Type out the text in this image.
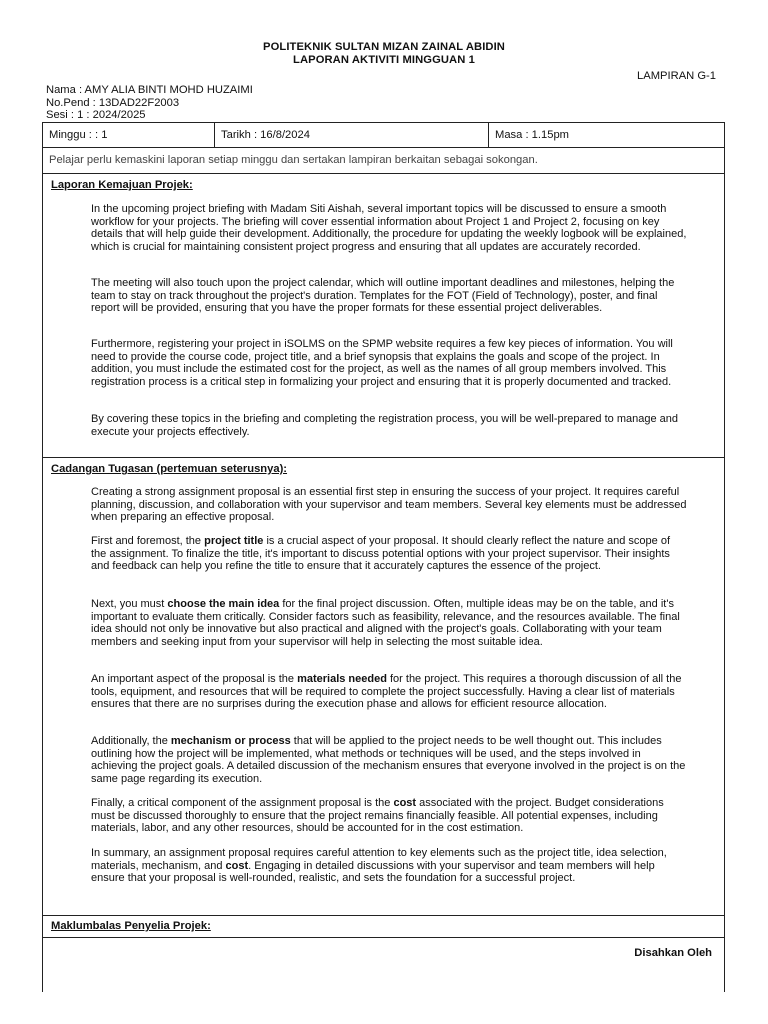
POLITEKNIK SULTAN MIZAN ZAINAL ABIDIN
LAPORAN AKTIVITI MINGGUAN 1
LAMPIRAN G-1
Nama : AMY ALIA BINTI MOHD HUZAIMI
No.Pend : 13DAD22F2003
Sesi : 1 : 2024/2025
Minggu : : 1	Tarikh : 16/8/2024	Masa : 1.15pm
Pelajar perlu kemaskini laporan setiap minggu dan sertakan lampiran berkaitan sebagai sokongan.
Laporan Kemajuan Projek:

In the upcoming project briefing with Madam Siti Aishah, several important topics will be discussed to ensure a smooth workflow for your projects. The briefing will cover essential information about Project 1 and Project 2, focusing on key details that will help guide their development. Additionally, the procedure for updating the weekly logbook will be explained, which is crucial for maintaining consistent project progress and ensuring that all updates are accurately recorded.

The meeting will also touch upon the project calendar, which will outline important deadlines and milestones, helping the team to stay on track throughout the project's duration. Templates for the FOT (Field of Technology), poster, and final report will be provided, ensuring that you have the proper formats for these essential project deliverables.

Furthermore, registering your project in iSOLMS on the SPMP website requires a few key pieces of information. You will need to provide the course code, project title, and a brief synopsis that explains the goals and scope of the project. In addition, you must include the estimated cost for the project, as well as the names of all group members involved. This registration process is a critical step in formalizing your project and ensuring that it is properly documented and tracked.

By covering these topics in the briefing and completing the registration process, you will be well-prepared to manage and execute your projects effectively.

Cadangan Tugasan (pertemuan seterusnya):

Creating a strong assignment proposal is an essential first step in ensuring the success of your project. It requires careful planning, discussion, and collaboration with your supervisor and team members. Several key elements must be addressed when preparing an effective proposal.

First and foremost, the project title is a crucial aspect of your proposal. It should clearly reflect the nature and scope of the assignment. To finalize the title, it's important to discuss potential options with your project supervisor. Their insights and feedback can help you refine the title to ensure that it accurately captures the essence of the project.

Next, you must choose the main idea for the final project discussion. Often, multiple ideas may be on the table, and it's important to evaluate them critically. Consider factors such as feasibility, relevance, and the resources available. The final idea should not only be innovative but also practical and aligned with the project's goals. Collaborating with your team members and seeking input from your supervisor will help in selecting the most suitable idea.

An important aspect of the proposal is the materials needed for the project. This requires a thorough discussion of all the tools, equipment, and resources that will be required to complete the project successfully. Having a clear list of materials ensures that there are no surprises during the execution phase and allows for efficient resource allocation.

Additionally, the mechanism or process that will be applied to the project needs to be well thought out. This includes outlining how the project will be implemented, what methods or techniques will be used, and the steps involved in achieving the project goals. A detailed discussion of the mechanism ensures that everyone involved in the project is on the same page regarding its execution.

Finally, a critical component of the assignment proposal is the cost associated with the project. Budget considerations must be discussed thoroughly to ensure that the project remains financially feasible. All potential expenses, including materials, labor, and any other resources, should be accounted for in the cost estimation.

In summary, an assignment proposal requires careful attention to key elements such as the project title, idea selection, materials, mechanism, and cost. Engaging in detailed discussions with your supervisor and team members will help ensure that your proposal is well-rounded, realistic, and sets the foundation for a successful project.

Maklumbalas Penyelia Projek:
Disahkan Oleh
